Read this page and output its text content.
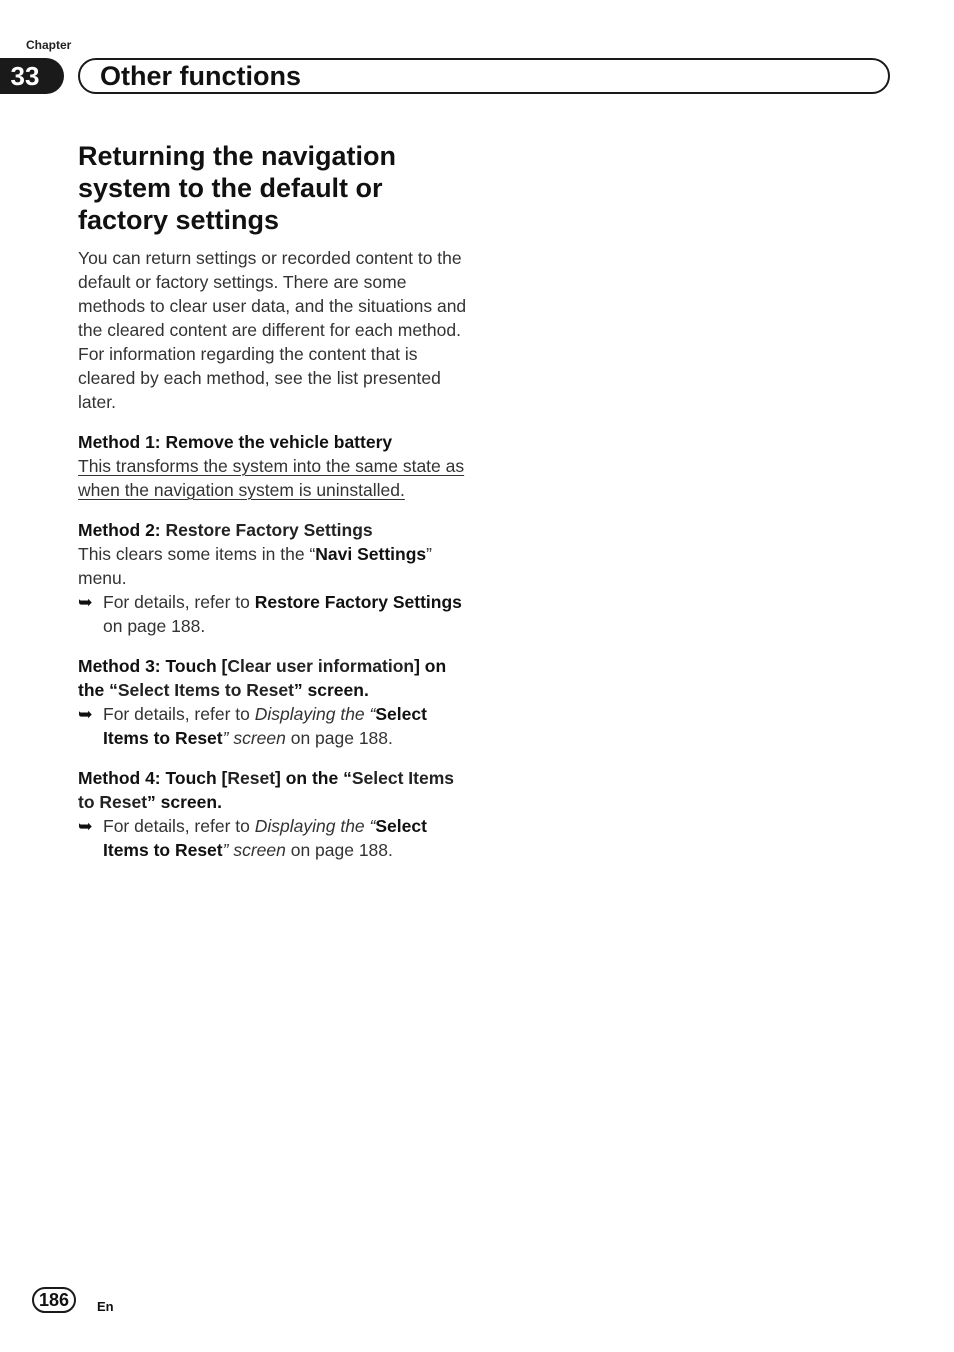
Chapter
33	Other functions
Returning the navigation system to the default or factory settings

You can return settings or recorded content to the default or factory settings. There are some methods to clear user data, and the situations and the cleared content are different for each method. For information regarding the content that is cleared by each method, see the list presented later.

Method 1: Remove the vehicle battery

This transforms the system into the same state as when the navigation system is uninstalled.

Method 2: Restore Factory Settings

This clears some items in the “Navi Settings” menu.

➥ For details, refer to Restore Factory Settings on page 188.
Method 3: Touch [Clear user information] on the “Select Items to Reset” screen.
➥ For details, refer to Displaying the “Select Items to Reset” screen on page 188.
Method 4: Touch [Reset] on the “Select Items to Reset” screen.
➥ For details, refer to Displaying the “Select Items to Reset” screen on page 188.
186	En
